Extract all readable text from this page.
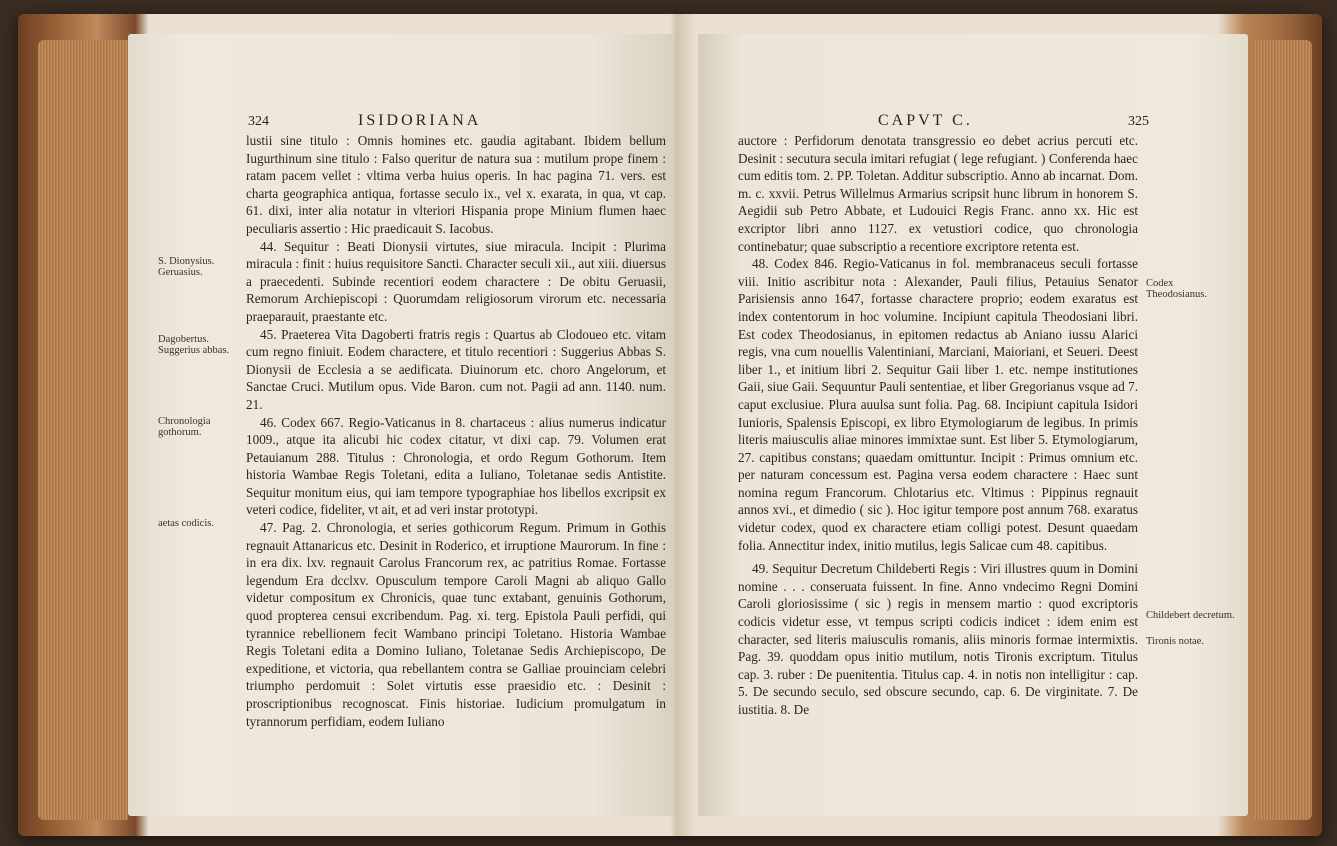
324	ISIDORIANA

lustii sine titulo : Omnis homines etc. gaudia agitabant. Ibidem bellum Iugurthinum sine titulo : Falso queritur de natura sua : mutilum prope finem : ratam pacem vellet : vltima verba huius operis. In hac pagina 71. vers. est charta geographica antiqua, fortasse seculo ix., vel x. exarata, in qua, vt cap. 61. dixi, inter alia notatur in vlteriori Hispania prope Minium flumen haec peculiaris assertio : Hic praedicauit S. Iacobus.

44. Sequitur : Beati Dionysii virtutes, siue miracula. Incipit : Plurima miracula : finit : huius requisitore Sancti. Character seculi xii., aut xiii. diuersus a praecedenti. Subinde recentiori eodem charactere : De obitu Geruasii, Remorum Archiepiscopi : Quorumdam religiosorum virorum etc. necessaria praeparauit, praestante etc.

45. Praeterea Vita Dagoberti fratris regis : Quartus ab Clodoueo etc. vitam cum regno finiuit. Eodem charactere, et titulo recentiori : Suggerius Abbas S. Dionysii de Ecclesia a se aedificata. Diuinorum etc. choro Angelorum, et Sanctae Cruci. Mutilum opus. Vide Baron. cum not. Pagii ad ann. 1140. num. 21.

46. Codex 667. Regio-Vaticanus in 8. chartaceus : alius numerus indicatur 1009., atque ita alicubi hic codex citatur, vt dixi cap. 79. Volumen erat Petauianum 288. Titulus : Chronologia, et ordo Regum Gothorum. Item historia Wambae Regis Toletani, edita a Iuliano, Toletanae sedis Antistite. Sequitur monitum eius, qui iam tempore typographiae hos libellos excripsit ex veteri codice, fideliter, vt ait, et ad veri instar prototypi.

47. Pag. 2. Chronologia, et series gothicorum Regum. Primum in Gothis regnauit Attanaricus etc. Desinit in Roderico, et irruptione Maurorum. In fine : in era dix. lxv. regnauit Carolus Francorum rex, ac patritius Romae. Fortasse legendum Era dcclxv. Opusculum tempore Caroli Magni ab aliquo Gallo videtur compositum ex Chronicis, quae tunc extabant, genuinis Gothorum, quod propterea censui excribendum. Pag. xi. terg. Epistola Pauli perfidi, qui tyrannice rebellionem fecit Wambano principi Toletano. Historia Wambae Regis Toletani edita a Domino Iuliano, Toletanae Sedis Archiepiscopo, De expeditione, et victoria, qua rebellantem contra se Galliae prouinciam celebri triumpho perdomuit : Solet virtutis esse praesidio etc. : Desinit : proscriptionibus recognoscat. Finis historiae. Iudicium promulgatum in tyrannorum perfidiam, eodem Iuliano

S. Dionysius. Geruasius.
Dagobertus. Suggerius abbas.
Chronologia gothorum.
aetas codicis.
CAPVT C.	325

auctore : Perfidorum denotata transgressio eo debet acrius percuti etc. Desinit : secutura secula imitari refugiat ( lege refugiant. ) Conferenda haec cum editis tom. 2. PP. Toletan. Additur subscriptio. Anno ab incarnat. Dom. m. c. xxvii. Petrus Willelmus Armarius scripsit hunc librum in honorem S. Aegidii sub Petro Abbate, et Ludouici Regis Franc. anno xx. Hic est excriptor libri anno 1127. ex vetustiori codice, quo chronologia continebatur; quae subscriptio a recentiore excriptore retenta est.

48. Codex 846. Regio-Vaticanus in fol. membranaceus seculi fortasse viii. Initio ascribitur nota : Alexander, Pauli filius, Petauius Senator Parisiensis anno 1647, fortasse charactere proprio; eodem exaratus est index contentorum in hoc volumine. Incipiunt capitula Theodosiani libri. Est codex Theodosianus, in epitomen redactus ab Aniano iussu Alarici regis, vna cum nouellis Valentiniani, Marciani, Maioriani, et Seueri. Deest liber 1., et initium libri 2. Sequitur Gaii liber 1. etc. nempe institutiones Gaii, siue Gaii. Sequuntur Pauli sententiae, et liber Gregorianus vsque ad 7. caput exclusiue. Plura auulsa sunt folia. Pag. 68. Incipiunt capitula Isidori Iunioris, Spalensis Episcopi, ex libro Etymologiarum de legibus. In primis literis maiusculis aliae minores immixtae sunt. Est liber 5. Etymologiarum, 27. capitibus constans; quaedam omittuntur. Incipit : Primus omnium etc. per naturam concessum est. Pagina versa eodem charactere : Haec sunt nomina regum Francorum. Chlotarius etc. Vltimus : Pippinus regnauit annos xvi., et dimedio ( sic ). Hoc igitur tempore post annum 768. exaratus videtur codex, quod ex charactere etiam colligi potest. Desunt quaedam folia. Annectitur index, initio mutilus, legis Salicae cum 48. capitibus.

49. Sequitur Decretum Childeberti Regis : Viri illustres quum in Domini nomine . . . conseruata fuissent. In fine. Anno vndecimo Regni Domini Caroli gloriosissime ( sic ) regis in mensem martio : quod excriptoris codicis videtur esse, vt tempus scripti codicis indicet : idem enim est character, sed literis maiusculis romanis, aliis minoris formae intermixtis. Pag. 39. quoddam opus initio mutilum, notis Tironis excriptum. Titulus cap. 3. ruber : De puenitentia. Titulus cap. 4. in notis non intelligitur : cap. 5. De secundo seculo, sed obscure secundo, cap. 6. De virginitate. 7. De iustitia. 8. De

Codex Theodosianus.
Childebert decretum.
Tironis notae.
